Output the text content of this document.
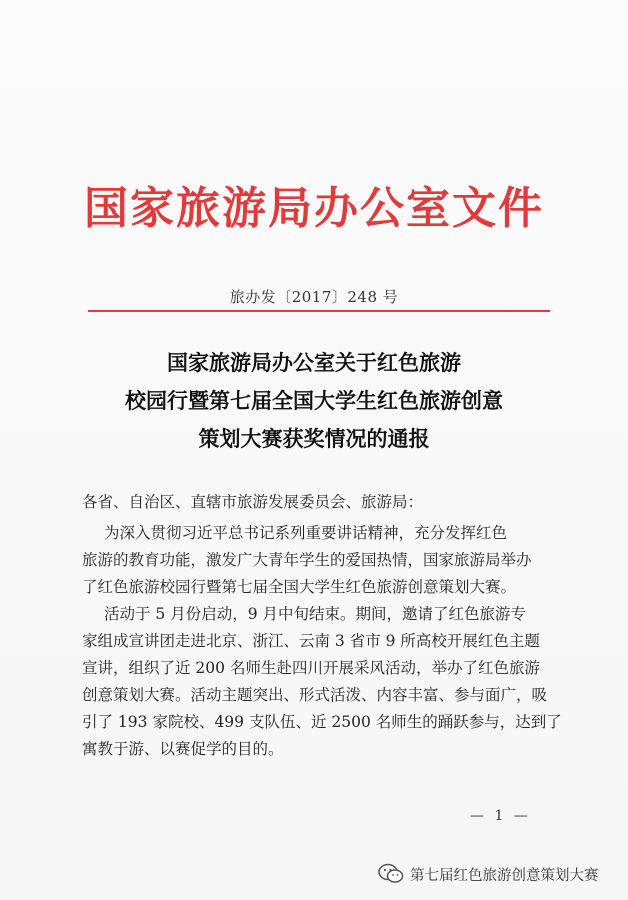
国家旅游局办公室文件
旅办发〔2017〕248 号
国家旅游局办公室关于红色旅游
校园行暨第七届全国大学生红色旅游创意
策划大赛获奖情况的通报
各省、自治区、直辖市旅游发展委员会、旅游局：
为深入贯彻习近平总书记系列重要讲话精神，充分发挥红色
旅游的教育功能，激发广大青年学生的爱国热情，国家旅游局举办
了红色旅游校园行暨第七届全国大学生红色旅游创意策划大赛。
活动于 5 月份启动，9 月中旬结束。期间，邀请了红色旅游专
家组成宣讲团走进北京、浙江、云南 3 省市 9 所高校开展红色主题
宣讲，组织了近 200 名师生赴四川开展采风活动，举办了红色旅游
创意策划大赛。活动主题突出、形式活泼、内容丰富、参与面广，吸
引了 193 家院校、499 支队伍、近 2500 名师生的踊跃参与，达到了
寓教于游、以赛促学的目的。
— 1 —
第七届红色旅游创意策划大赛
